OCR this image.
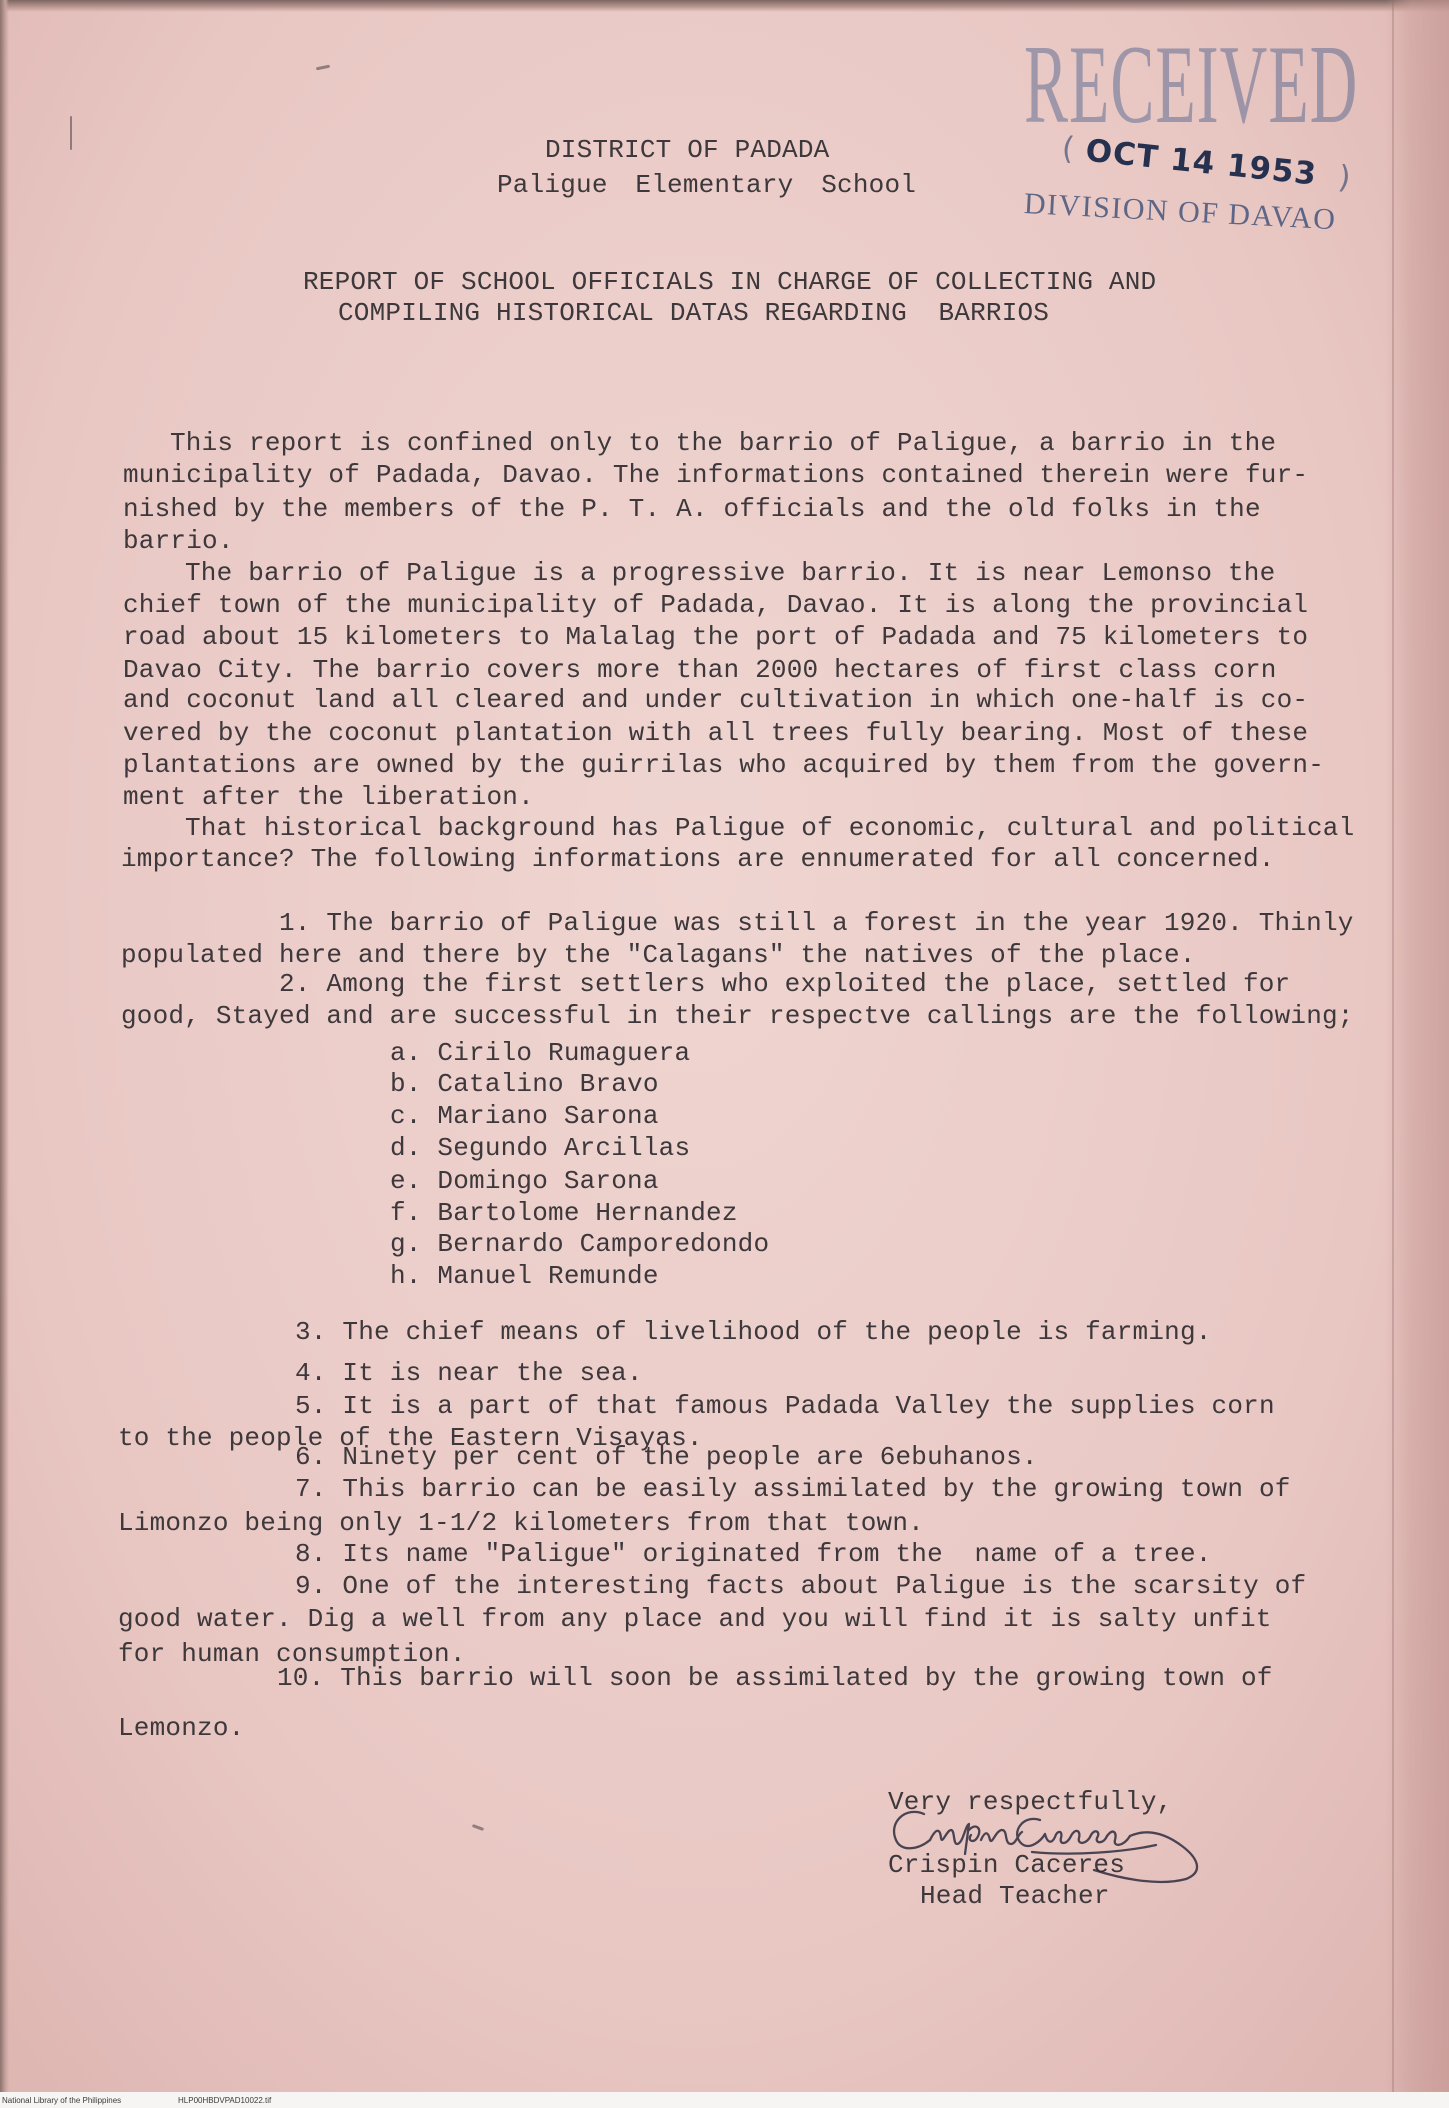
RECEIVED
( OCT 14 1953  )
DIVISION OF DAVAO
DISTRICT OF PADADA
Paligue Elementary School
REPORT OF SCHOOL OFFICIALS IN CHARGE OF COLLECTING AND
COMPILING HISTORICAL DATAS REGARDING  BARRIOS
This report is confined only to the barrio of Paligue, a barrio in the
municipality of Padada, Davao. The informations contained therein were fur-
nished by the members of the P. T. A. officials and the old folks in the
barrio.
The barrio of Paligue is a progressive barrio. It is near Lemonso the
chief town of the municipality of Padada, Davao. It is along the provincial
road about 15 kilometers to Malalag the port of Padada and 75 kilometers to
Davao City. The barrio covers more than 2000 hectares of first class corn
and coconut land all cleared and under cultivation in which one-half is co-
vered by the coconut plantation with all trees fully bearing. Most of these
plantations are owned by the guirrilas who acquired by them from the govern-
ment after the liberation.
That historical background has Paligue of economic, cultural and political
importance? The following informations are ennumerated for all concerned.
1. The barrio of Paligue was still a forest in the year 1920. Thinly
populated here and there by the "Calagans" the natives of the place.
2. Among the first settlers who exploited the place, settled for
good, Stayed and are successful in their respectve callings are the following;
a. Cirilo Rumaguera
b. Catalino Bravo
c. Mariano Sarona
d. Segundo Arcillas
e. Domingo Sarona
f. Bartolome Hernandez
g. Bernardo Camporedondo
h. Manuel Remunde
3. The chief means of livelihood of the people is farming.
4. It is near the sea.
5. It is a part of that famous Padada Valley the supplies corn
to the people of the Eastern Visayas.
6. Ninety per cent of the people are 6ebuhanos.
7. This barrio can be easily assimilated by the growing town of
Limonzo being only 1-1/2 kilometers from that town.
8. Its name "Paligue" originated from the  name of a tree.
9. One of the interesting facts about Paligue is the scarsity of
good water. Dig a well from any place and you will find it is salty unfit
for human consumption.
10. This barrio will soon be assimilated by the growing town of
Lemonzo.
Very respectfully,
Crispin Caceres
Head Teacher
National Library of the Philippines	HLP00HBDVPAD10022.tif
